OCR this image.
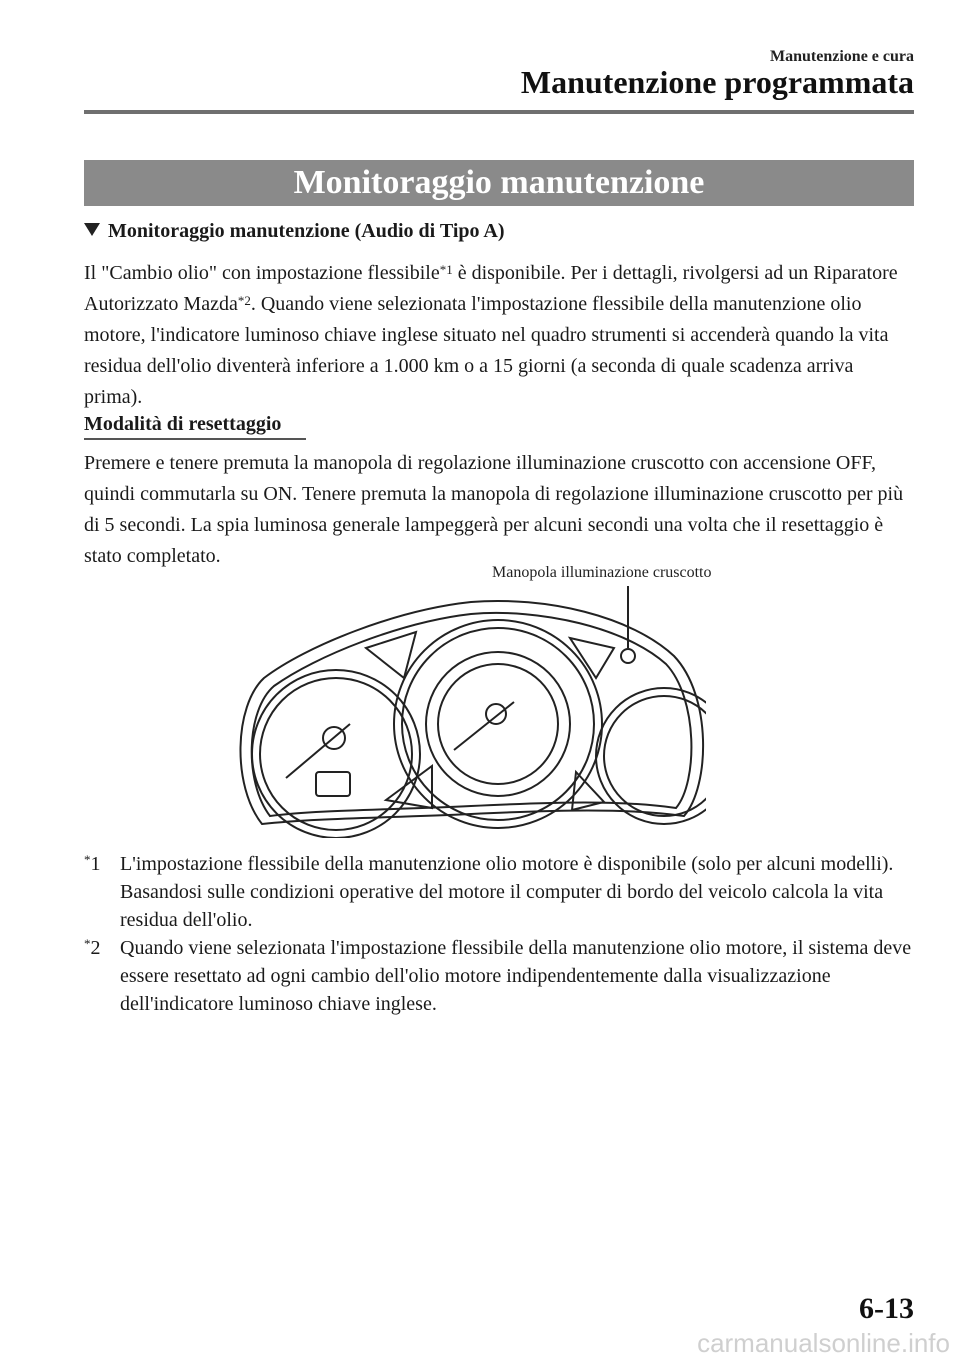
Manutenzione e cura
Manutenzione programmata
Monitoraggio manutenzione
Monitoraggio manutenzione (Audio di Tipo A)
Il "Cambio olio" con impostazione flessibile$^{*1}$ è disponibile. Per i dettagli, rivolgersi ad un Riparatore Autorizzato Mazda$^{*2}$. Quando viene selezionata l'impostazione flessibile della manutenzione olio motore, l'indicatore luminoso chiave inglese situato nel quadro strumenti si accenderà quando la vita residua dell'olio diventerà inferiore a 1.000 km o a 15 giorni (a seconda di quale scadenza arriva prima).
Modalità di resettaggio
Premere e tenere premuta la manopola di regolazione illuminazione cruscotto con accensione OFF, quindi commutarla su ON. Tenere premuta la manopola di regolazione illuminazione cruscotto per più di 5 secondi. La spia luminosa generale lampeggerà per alcuni secondi una volta che il resettaggio è stato completato.
Manopola illuminazione cruscotto
*1 L'impostazione flessibile della manutenzione olio motore è disponibile (solo per alcuni modelli). Basandosi sulle condizioni operative del motore il computer di bordo del veicolo calcola la vita residua dell'olio.
*2 Quando viene selezionata l'impostazione flessibile della manutenzione olio motore, il sistema deve essere resettato ad ogni cambio dell'olio motore indipendentemente dalla visualizzazione dell'indicatore luminoso chiave inglese.
6-13
carmanualsonline.info
